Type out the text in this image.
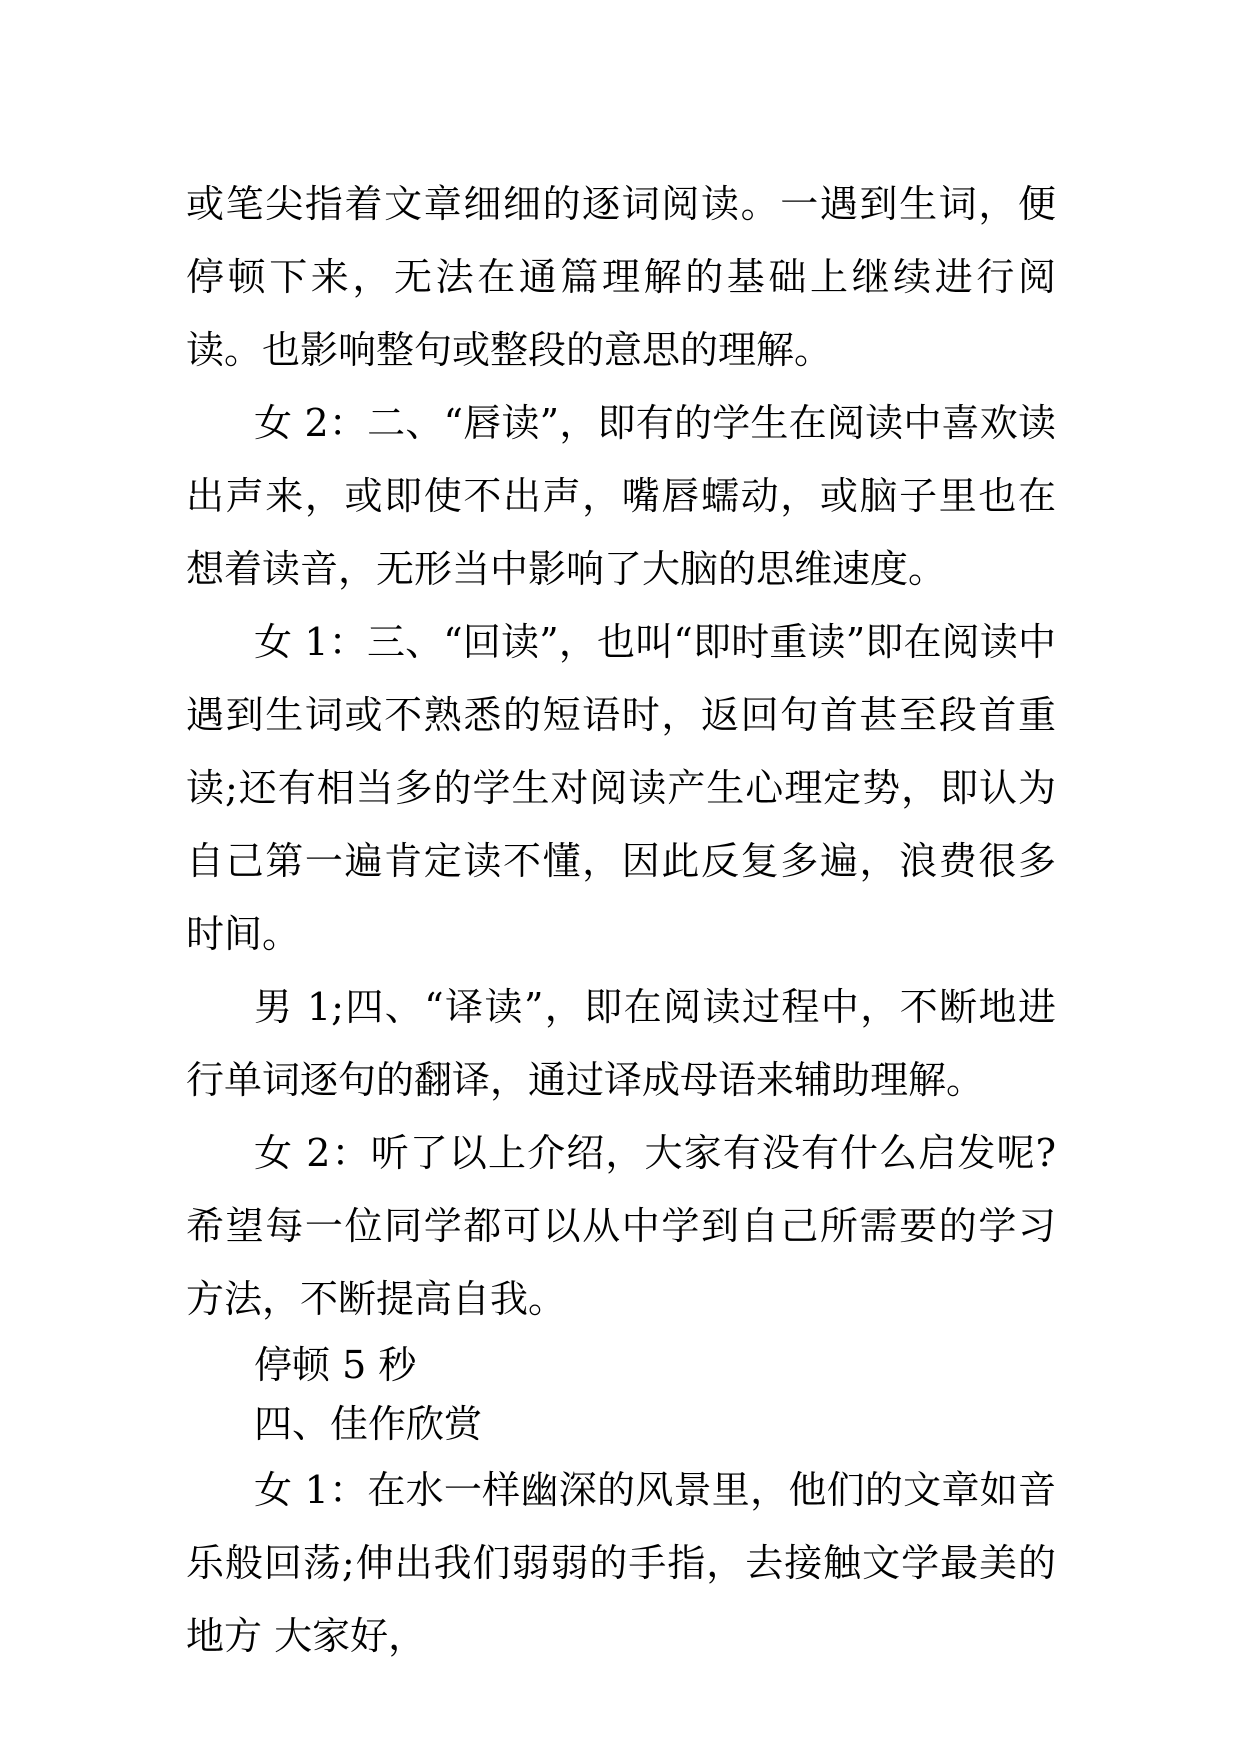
或笔尖指着文章细细的逐词阅读。一遇到生词，便停顿下来，无法在通篇理解的基础上继续进行阅读。也影响整句或整段的意思的理解。

女 2：二、“唇读”，即有的学生在阅读中喜欢读出声来，或即使不出声，嘴唇蠕动，或脑子里也在想着读音，无形当中影响了大脑的思维速度。

女 1：三、“回读”，也叫“即时重读”即在阅读中遇到生词或不熟悉的短语时，返回句首甚至段首重读;还有相当多的学生对阅读产生心理定势，即认为自己第一遍肯定读不懂，因此反复多遍，浪费很多时间。

男 1;四、“译读”，即在阅读过程中，不断地进行单词逐句的翻译，通过译成母语来辅助理解。

女 2：听了以上介绍，大家有没有什么启发呢?希望每一位同学都可以从中学到自己所需要的学习方法，不断提高自我。

停顿 5 秒

四、佳作欣赏

女 1：在水一样幽深的风景里，他们的文章如音乐般回荡;伸出我们弱弱的手指，去接触文学最美的地方 大家好，
